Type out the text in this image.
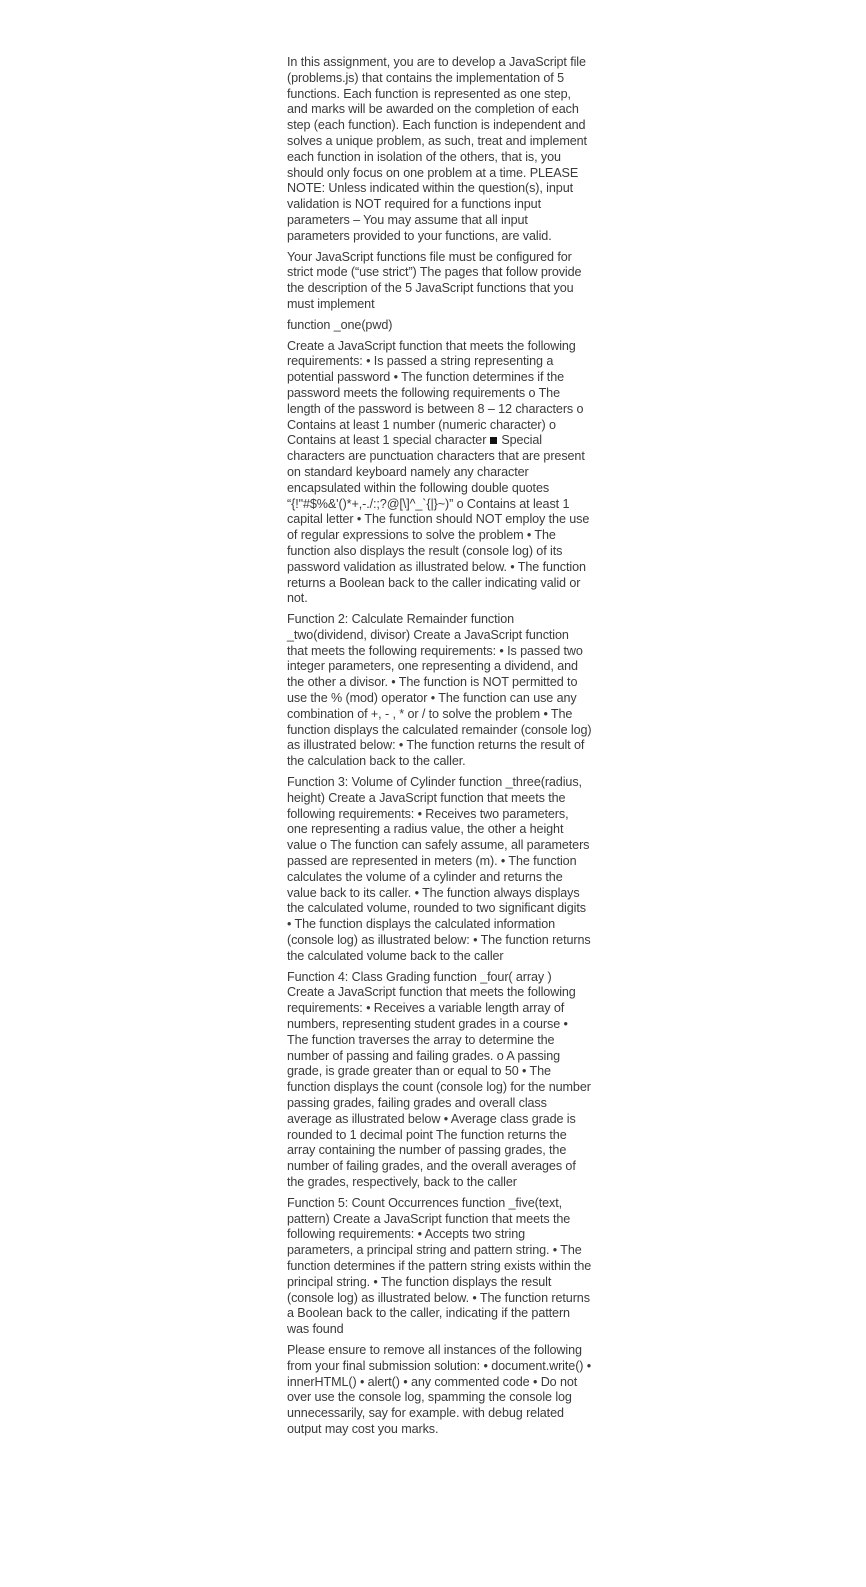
In this assignment, you are to develop a JavaScript file (problems.js) that contains the implementation of 5 functions. Each function is represented as one step, and marks will be awarded on the completion of each step (each function). Each function is independent and solves a unique problem, as such, treat and implement each function in isolation of the others, that is, you should only focus on one problem at a time. PLEASE NOTE: Unless indicated within the question(s), input validation is NOT required for a functions input parameters – You may assume that all input parameters provided to your functions, are valid.

Your JavaScript functions file must be configured for strict mode (“use strict”) The pages that follow provide the description of the 5 JavaScript functions that you must implement

function _one(pwd)

Create a JavaScript function that meets the following requirements: • Is passed a string representing a potential password • The function determines if the password meets the following requirements o The length of the password is between 8 – 12 characters o Contains at least 1 number (numeric character) o Contains at least 1 special character Special characters are punctuation characters that are present on standard keyboard namely any character encapsulated within the following double quotes “{!"#$%&'()*+,-./:;?@[\]^_`{|}~)” o Contains at least 1 capital letter • The function should NOT employ the use of regular expressions to solve the problem • The function also displays the result (console log) of its password validation as illustrated below. • The function returns a Boolean back to the caller indicating valid or not.

Function 2: Calculate Remainder function _two(dividend, divisor) Create a JavaScript function that meets the following requirements: • Is passed two integer parameters, one representing a dividend, and the other a divisor. • The function is NOT permitted to use the % (mod) operator • The function can use any combination of +, - , * or / to solve the problem • The function displays the calculated remainder (console log) as illustrated below: • The function returns the result of the calculation back to the caller.

Function 3: Volume of Cylinder function _three(radius, height) Create a JavaScript function that meets the following requirements: • Receives two parameters, one representing a radius value, the other a height value o The function can safely assume, all parameters passed are represented in meters (m). • The function calculates the volume of a cylinder and returns the value back to its caller. • The function always displays the calculated volume, rounded to two significant digits • The function displays the calculated information (console log) as illustrated below: • The function returns the calculated volume back to the caller

Function 4: Class Grading function _four( array ) Create a JavaScript function that meets the following requirements: • Receives a variable length array of numbers, representing student grades in a course • The function traverses the array to determine the number of passing and failing grades. o A passing grade, is grade greater than or equal to 50 • The function displays the count (console log) for the number passing grades, failing grades and overall class average as illustrated below • Average class grade is rounded to 1 decimal point The function returns the array containing the number of passing grades, the number of failing grades, and the overall averages of the grades, respectively, back to the caller

Function 5: Count Occurrences function _five(text, pattern) Create a JavaScript function that meets the following requirements: • Accepts two string parameters, a principal string and pattern string. • The function determines if the pattern string exists within the principal string. • The function displays the result (console log) as illustrated below. • The function returns a Boolean back to the caller, indicating if the pattern was found

Please ensure to remove all instances of the following from your final submission solution: • document.write() • innerHTML() • alert() • any commented code • Do not over use the console log, spamming the console log unnecessarily, say for example. with debug related output may cost you marks.
